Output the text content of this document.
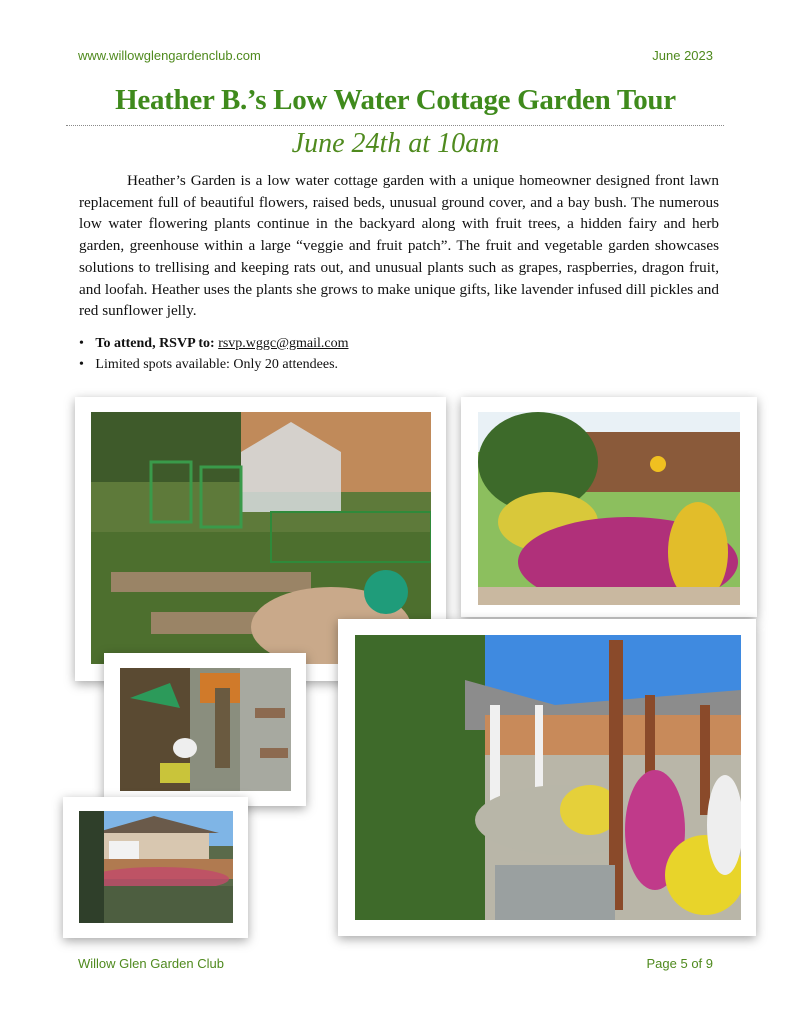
www.willowglengardenclub.com	June 2023
Heather B.’s Low Water Cottage Garden Tour
June 24th at 10am

Heather’s Garden is a low water cottage garden with a unique homeowner designed front lawn replacement full of beautiful flowers, raised beds, unusual ground cover, and a bay bush. The numerous low water flowering plants continue in the backyard along with fruit trees, a hidden fairy and herb garden, greenhouse within a large “veggie and fruit patch”. The fruit and vegetable garden showcases solutions to trellising and keeping rats out, and unusual plants such as grapes, raspberries, dragon fruit, and loofah. Heather uses the plants she grows to make unique gifts, like lavender infused dill pickles and red sunflower jelly.

• To attend, RSVP to: rsvp.wggc@gmail.com
• Limited spots available: Only 20 attendees.
Willow Glen Garden Club	Page 5 of 9
